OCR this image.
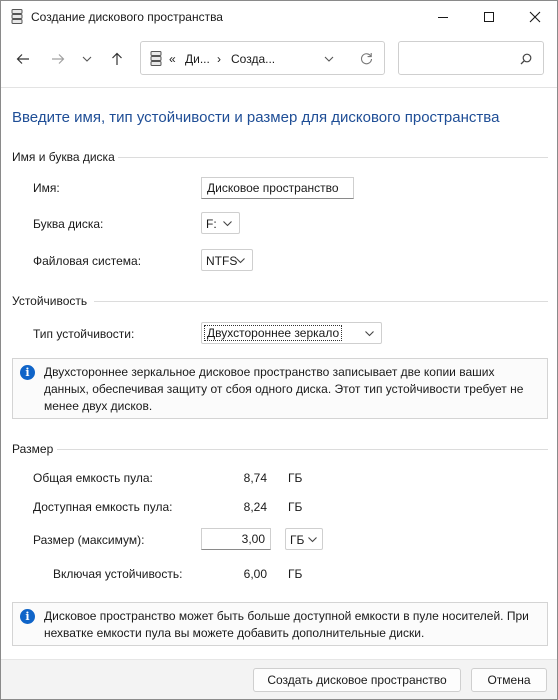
Создание дискового пространства
« Ди... › Созда...
Введите имя, тип устойчивости и размер для дискового пространства
Имя и буква диска
Имя:	Дисковое пространство
Буква диска:	F:
Файловая система:	NTFS
Устойчивость
Тип устойчивости:	Двухстороннее зеркало
i	Двухстороннее зеркальное дисковое пространство записывает две копии ваших данных, обеспечивая защиту от сбоя одного диска. Этот тип устойчивости требует не менее двух дисков.
Размер
Общая емкость пула:	8,74 ГБ
Доступная емкость пула:	8,24 ГБ
Размер (максимум):	3,00	ГБ
Включая устойчивость:	6,00 ГБ
i	Дисковое пространство может быть больше доступной емкости в пуле носителей. При нехватке емкости пула вы можете добавить дополнительные диски.
Создать дисковое пространство	Отмена
